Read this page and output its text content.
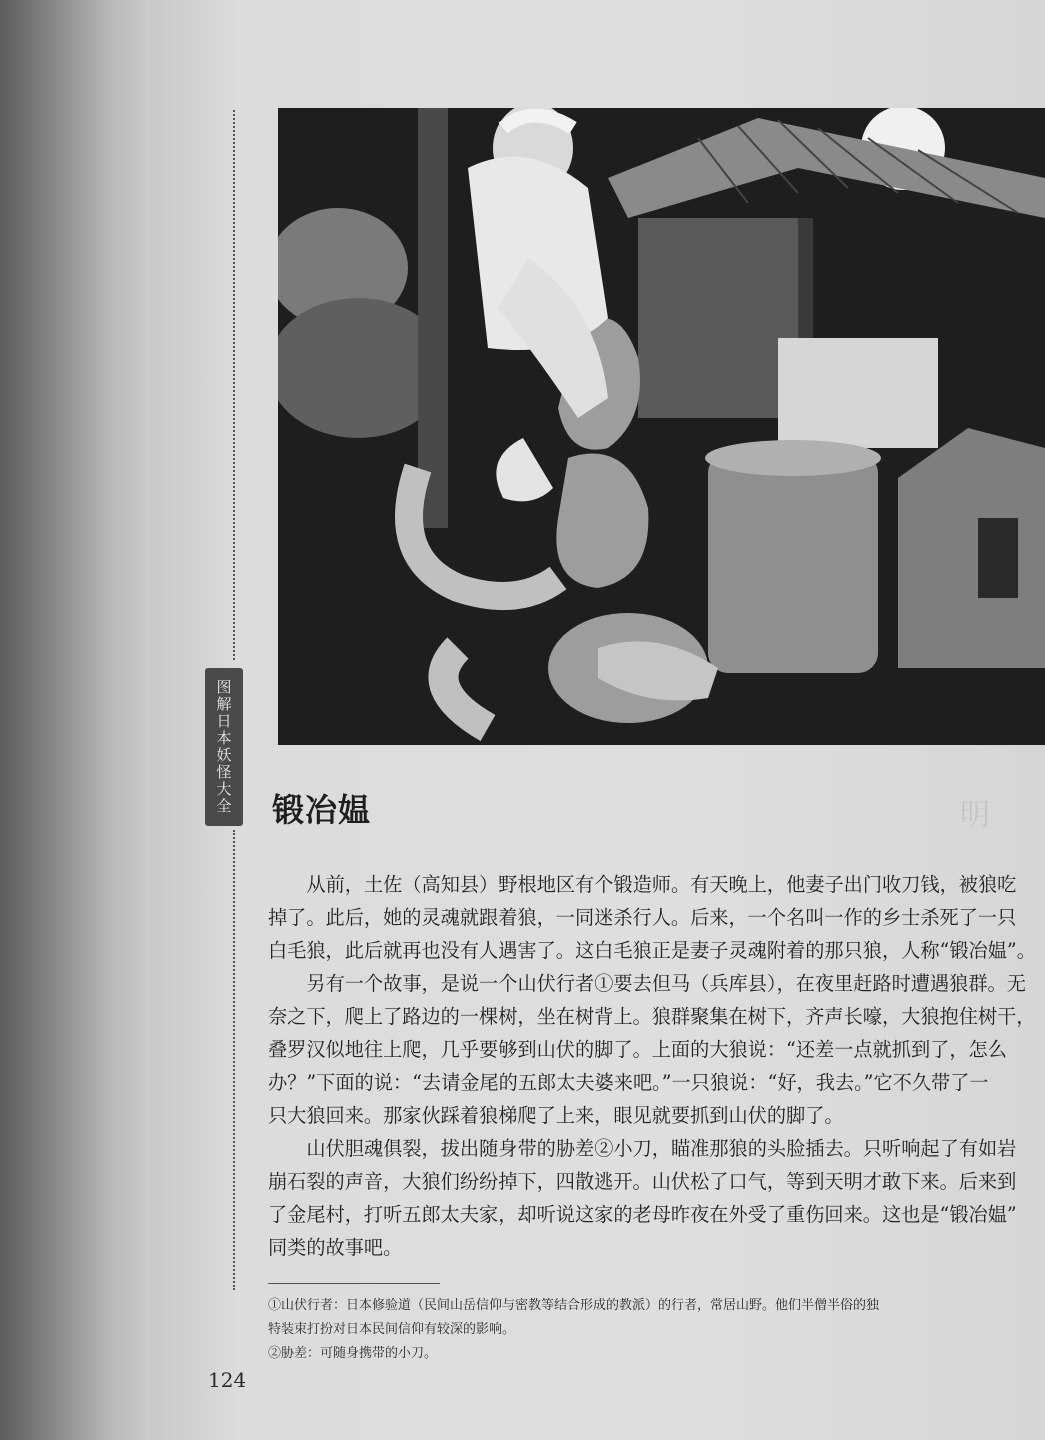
图解日本妖怪大全 锻冶媪	明

从前，土佐（高知县）野根地区有个锻造师。有天晚上，他妻子出门收刀钱，被狼吃
掉了。此后，她的灵魂就跟着狼，一同迷杀行人。后来，一个名叫一作的乡士杀死了一只
白毛狼，此后就再也没有人遇害了。这白毛狼正是妻子灵魂附着的那只狼，人称“锻冶媪”。

另有一个故事，是说一个山伏行者①要去但马（兵库县），在夜里赶路时遭遇狼群。无
奈之下，爬上了路边的一棵树，坐在树背上。狼群聚集在树下，齐声长嚎，大狼抱住树干，
叠罗汉似地往上爬，几乎要够到山伏的脚了。上面的大狼说：“还差一点就抓到了，怎么
办？”下面的说：“去请金尾的五郎太夫婆来吧。”一只狼说：“好，我去。”它不久带了一
只大狼回来。那家伙踩着狼梯爬了上来，眼见就要抓到山伏的脚了。

山伏胆魂俱裂，拔出随身带的胁差②小刀，瞄准那狼的头脸插去。只听响起了有如岩
崩石裂的声音，大狼们纷纷掉下，四散逃开。山伏松了口气，等到天明才敢下来。后来到
了金尾村，打听五郎太夫家，却听说这家的老母昨夜在外受了重伤回来。这也是“锻冶媪”
同类的故事吧。

①山伏行者：日本修验道（民间山岳信仰与密教等结合形成的教派）的行者，常居山野。他们半僧半俗的独
特装束打扮对日本民间信仰有较深的影响。
②胁差：可随身携带的小刀。
124
